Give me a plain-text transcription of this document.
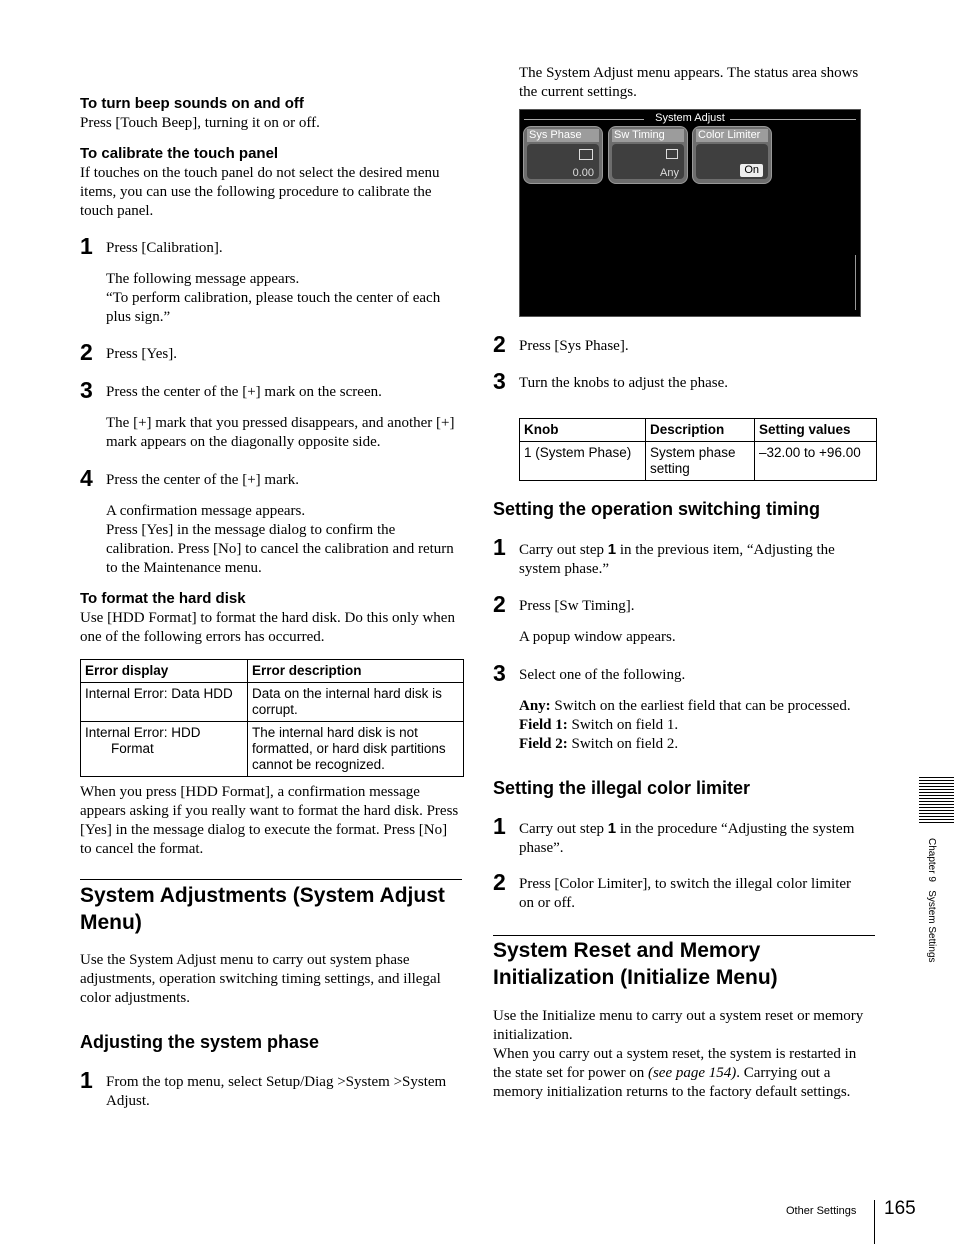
To turn beep sounds on and off
Press [Touch Beep], turning it on or off.
To calibrate the touch panel
If touches on the touch panel do not select the desired menu items, you can use the following procedure to calibrate the touch panel.
1 Press [Calibration].
The following message appears.
“To perform calibration, please touch the center of each plus sign.”
2 Press [Yes].
3 Press the center of the [+] mark on the screen.
The [+] mark that you pressed disappears, and another [+] mark appears on the diagonally opposite side.
4 Press the center of the [+] mark.
A confirmation message appears.
Press [Yes] in the message dialog to confirm the calibration. Press [No] to cancel the calibration and return to the Maintenance menu.
To format the hard disk
Use [HDD Format] to format the hard disk. Do this only when one of the following errors has occurred.
Error display	Error description
Internal Error: Data HDD	Data on the internal hard disk is corrupt.

Internal Error: HDD Format	The internal hard disk is not formatted, or hard disk partitions cannot be recognized.
When you press [HDD Format], a confirmation message appears asking if you really want to format the hard disk. Press [Yes] in the message dialog to execute the format. Press [No] to cancel the format.
System Adjustments (System Adjust Menu)
Use the System Adjust menu to carry out system phase adjustments, operation switching timing settings, and illegal color adjustments.
Adjusting the system phase
1 From the top menu, select Setup/Diag >System >System Adjust.
The System Adjust menu appears. The status area shows the current settings.
System Adjust
Sys Phase
0.00
Sw Timing
Any
Color Limiter
On
2 Press [Sys Phase].
3 Turn the knobs to adjust the phase.
Knob	Description	Setting values
1 (System Phase)	System phase setting	–32.00 to +96.00
Setting the operation switching timing
1 Carry out step 1 in the previous item, “Adjusting the system phase.”
2 Press [Sw Timing].
A popup window appears.
3 Select one of the following.
Any: Switch on the earliest field that can be processed.
Field 1: Switch on field 1.
Field 2: Switch on field 2.
Setting the illegal color limiter
1 Carry out step 1 in the procedure “Adjusting the system phase”.
2 Press [Color Limiter], to switch the illegal color limiter on or off.
System Reset and Memory Initialization (Initialize Menu)
Use the Initialize menu to carry out a system reset or memory initialization.
When you carry out a system reset, the system is restarted in the state set for power on (see page 154). Carrying out a memory initialization returns to the factory default settings.
Chapter 9   System Settings
Other Settings 165
